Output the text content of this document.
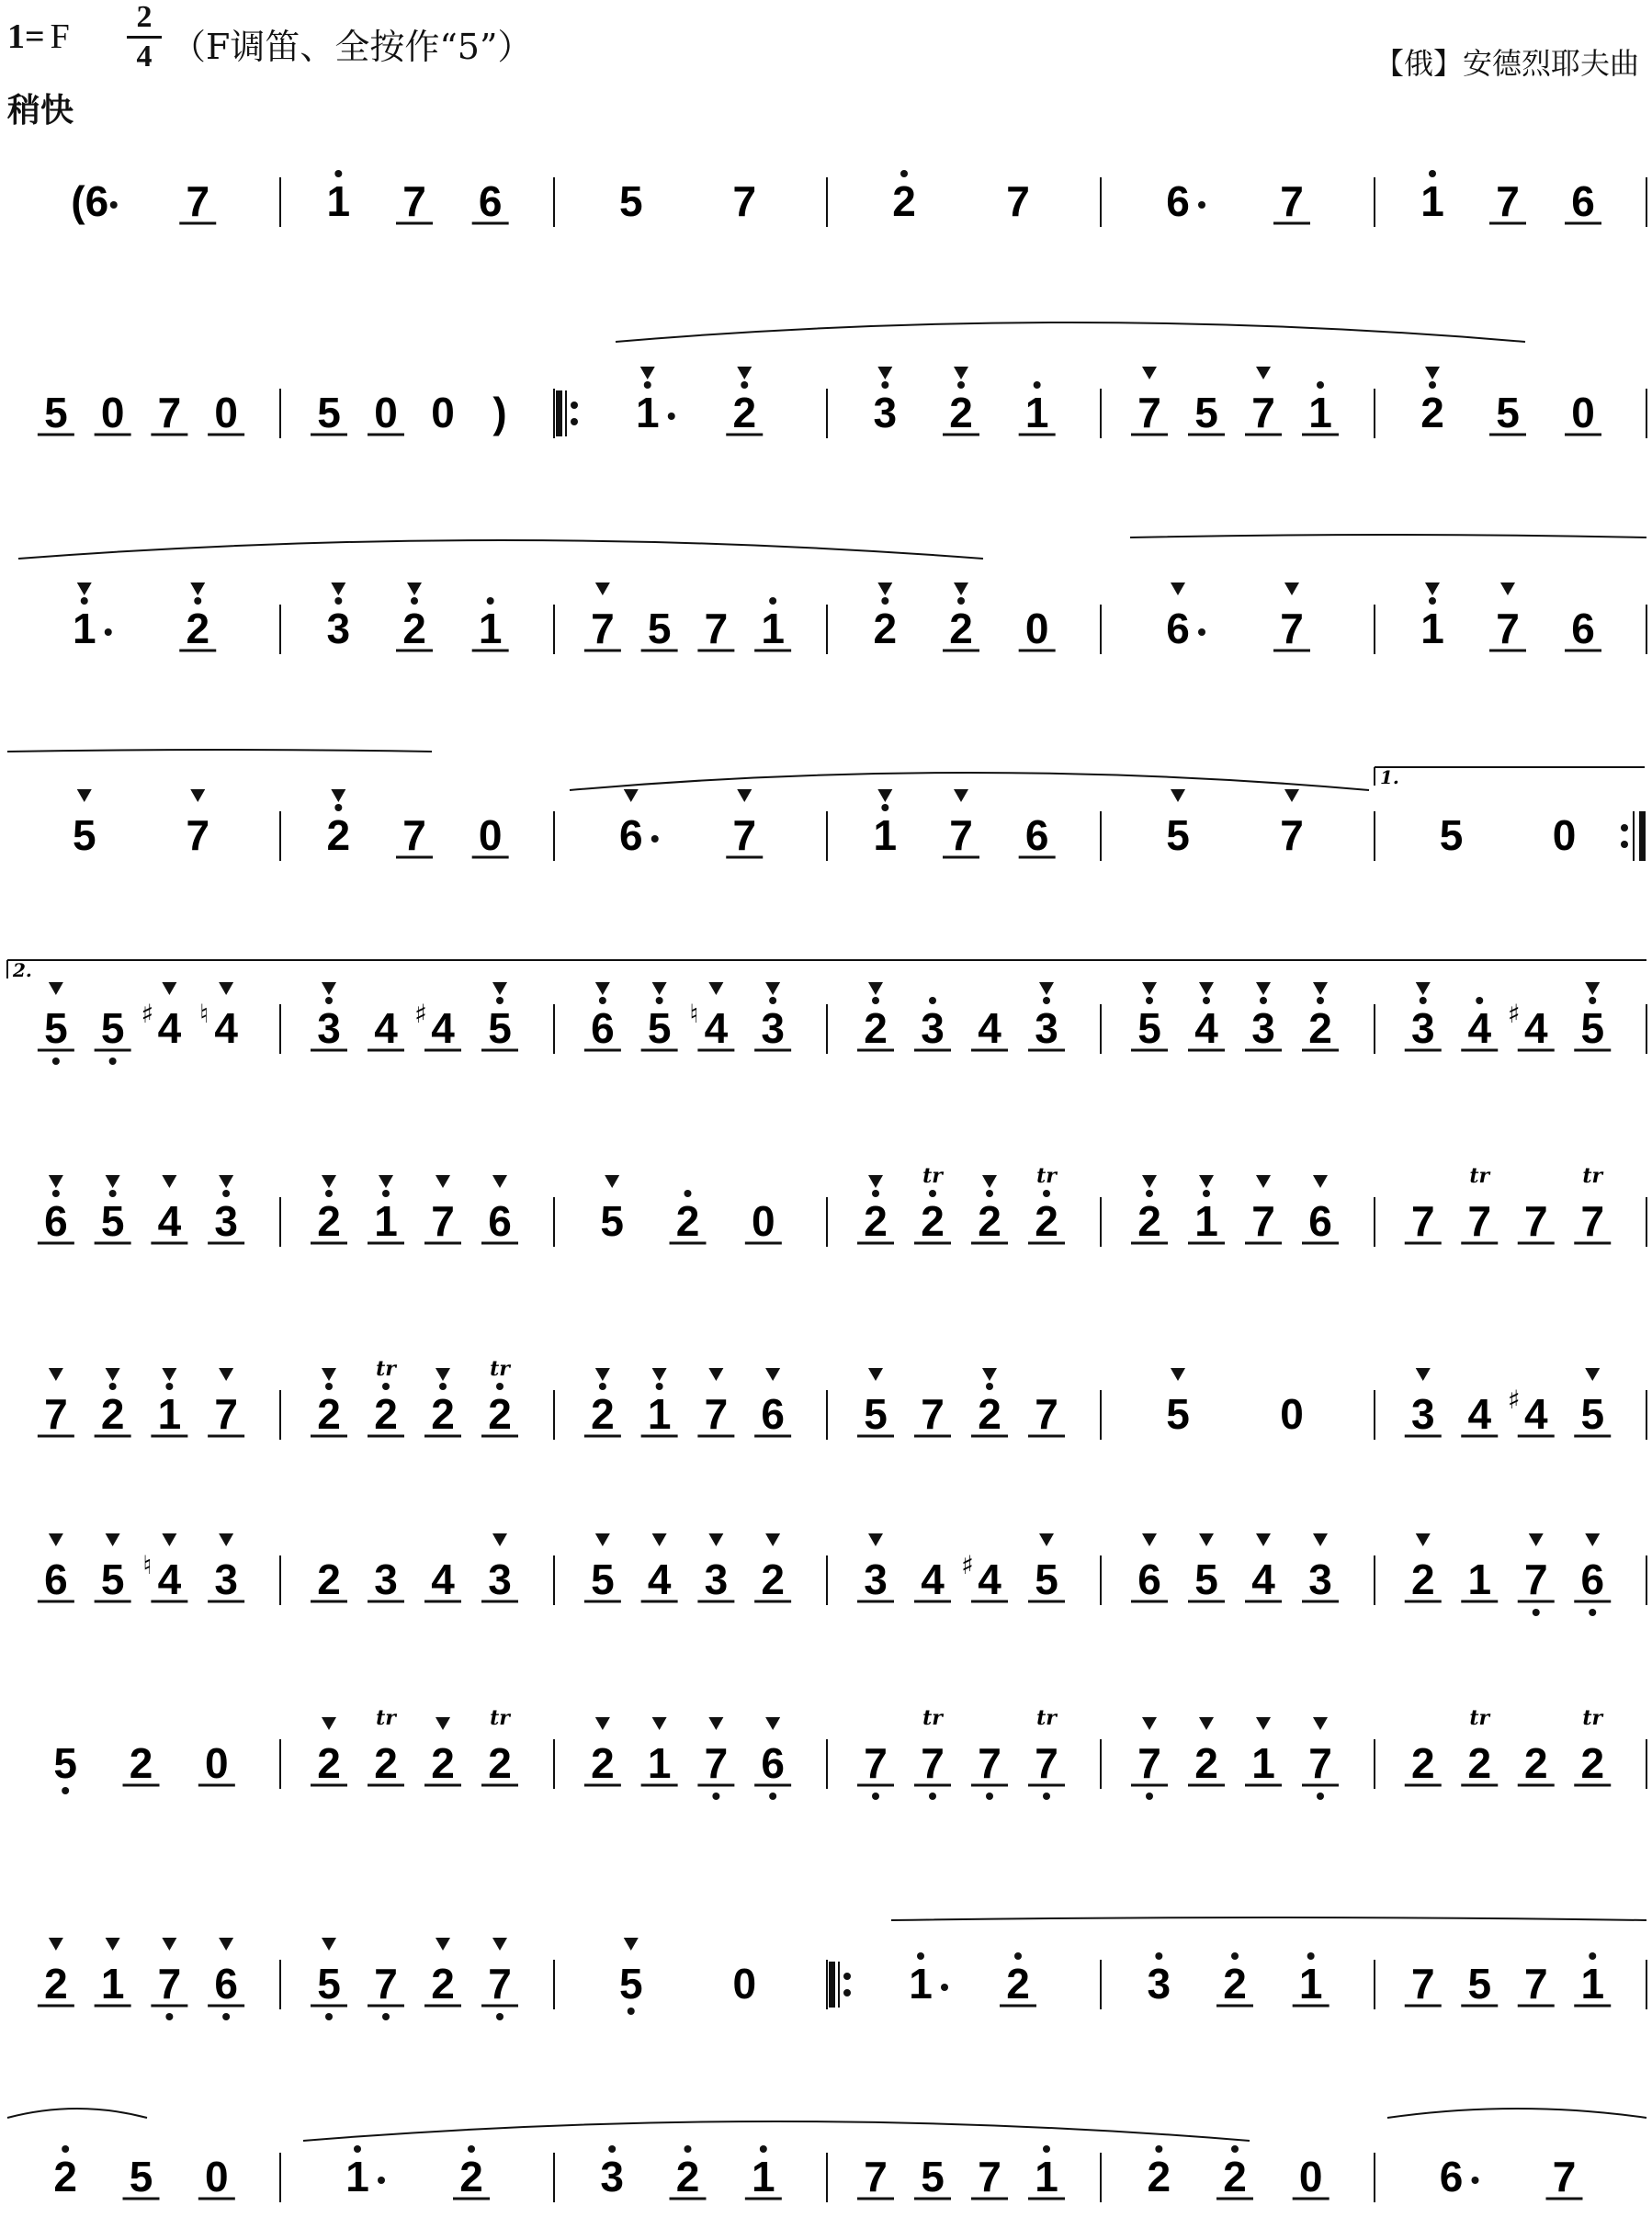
1= F
2
4 （F调笛、全按作“5”）
稍快
【俄】安德烈耶夫曲
(6 7	1 7 6	5 7	2 7	6 7	1 7 6
5 0 7 0 5 0 0 )	1 2	3 2 1 7 5 7 1 2 5 0
1 2	3 2 1 7 5 7 1 2 2 0	6 7	1 7 6
1.
5 7	2 7 0	6 7	1 7 6	5 7	5 0
2.
5 5 4
♯ 4
♮	3 4 4
♯ 5 6 5 4
♮ 3 2 3 4 3 5 4 3 2 3 4 4
♯ 5
6 5 4 3 2 1 7 6 5 2 0 2 2
tr
2 2
tr
2 1 7 6 7 7
tr
7 7
tr
7 2 1 7 2 2
tr
2 2
tr
2 1 7 6 5 7 2 7	5 0	3 4 4
♯ 5
6 5 4
♮ 3 2 3 4 3 5 4 3 2 3 4 4
♯ 5 6 5 4 3 2 1 7 6
5 2 0 2 2
tr
2 2
tr
2 1 7 6 7 7
tr
7 7
tr
7 2 1 7 2 2
tr
2 2
tr
2 1 7 6 5 7 2 7	5 0	1 2	3 2 1 7 5 7 1
2 5 0	1 2	3 2 1 7 5 7 1 2 2 0	6 7
